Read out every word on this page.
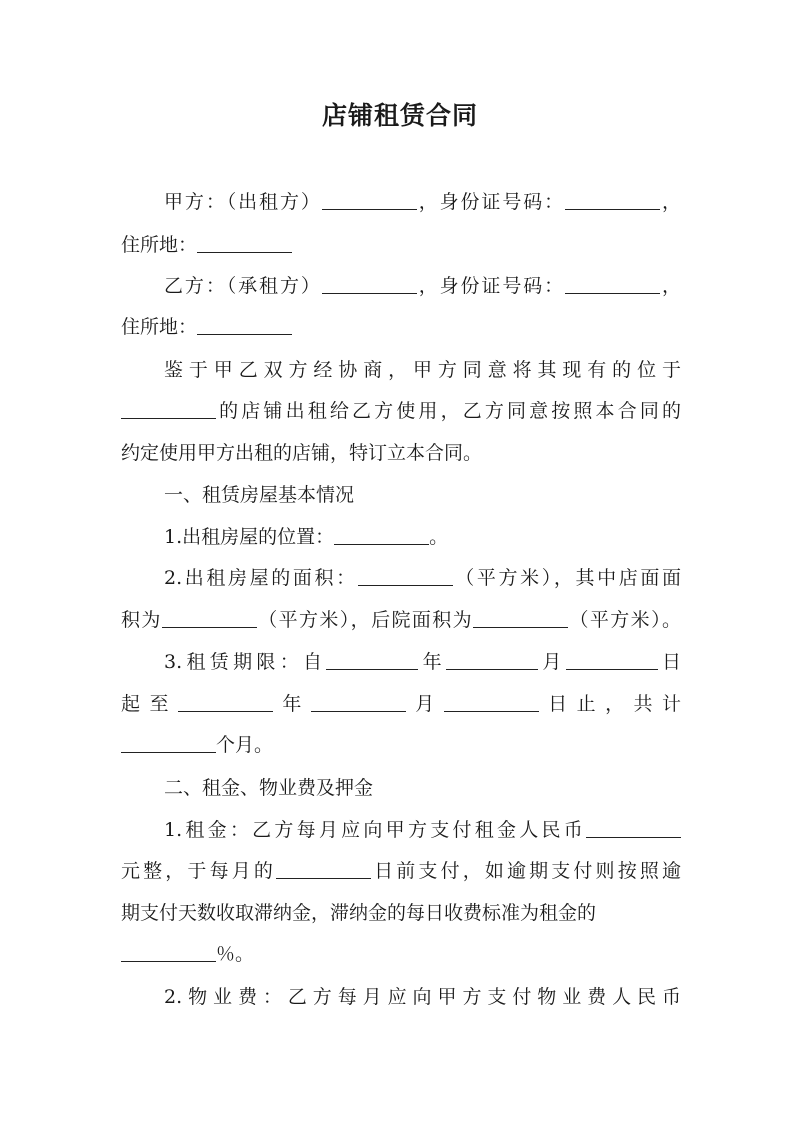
店铺租赁合同
甲方：（出租方）	，身份证号码：	，
住所地：
乙方：（承租方）	，身份证号码：	，
住所地：
鉴于甲乙双方经协商，甲方同意将其现有的位于
的店铺出租给乙方使用，乙方同意按照本合同的
约定使用甲方出租的店铺，特订立本合同。
一、租赁房屋基本情况
1.出租房屋的位置：	。
2.出租房屋的面积：	（平方米），其中店面面
积为	（平方米），后院面积为	（平方米）。
3.租赁期限：自	年	月	日
起至	年	月	日止，共计
个月。
二、租金、物业费及押金
1.租金：乙方每月应向甲方支付租金人民币
元整，于每月的	日前支付，如逾期支付则按照逾
期支付天数收取滞纳金，滞纳金的每日收费标准为租金的
％。
2.物业费：乙方每月应向甲方支付物业费人民币
